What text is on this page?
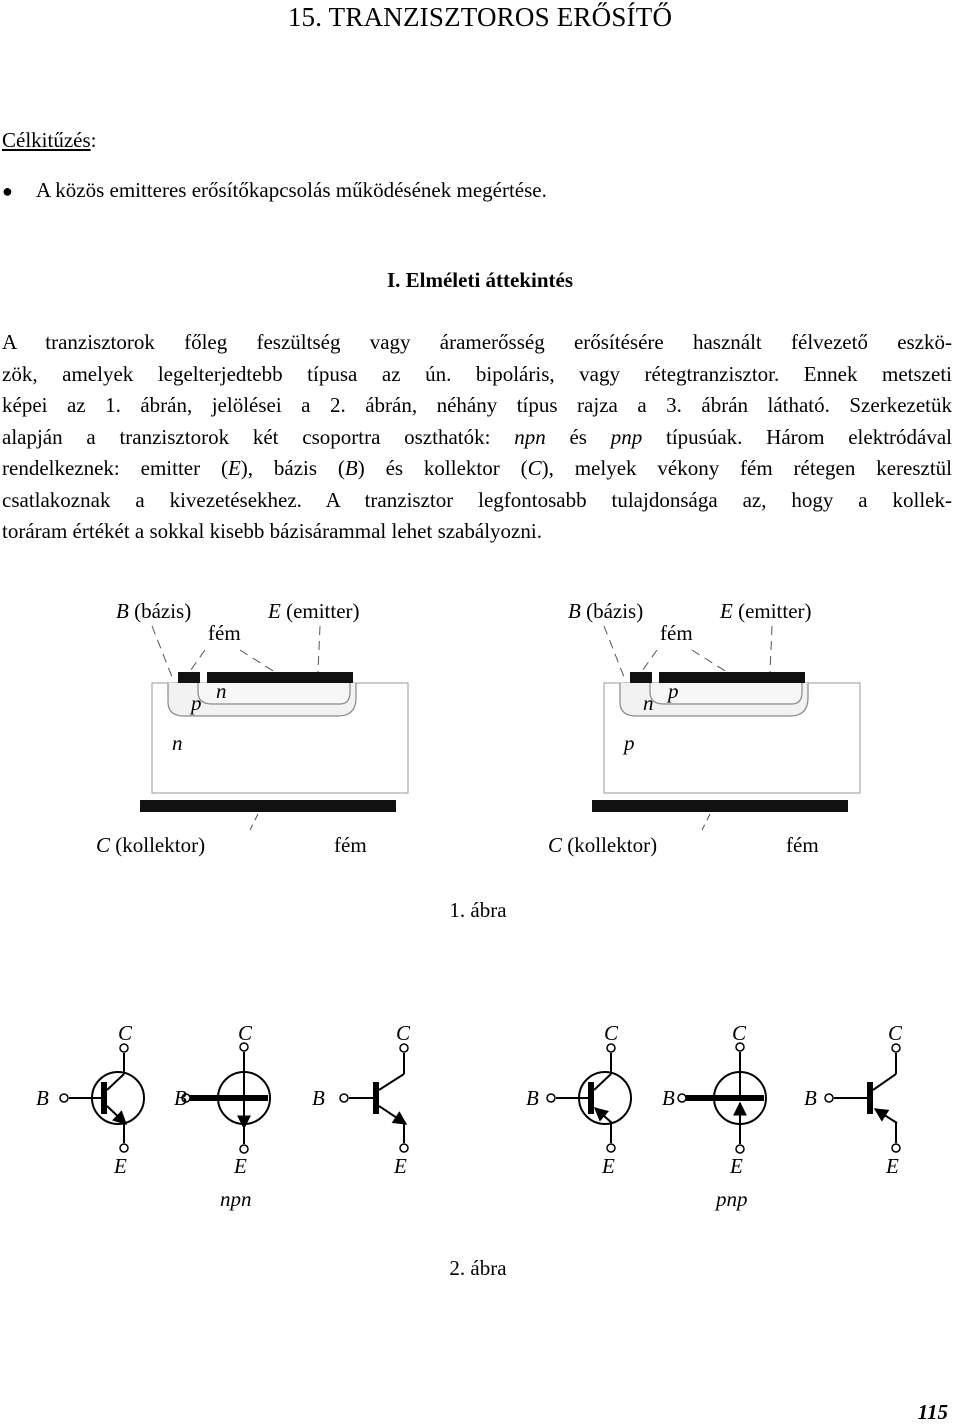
15. TRANZISZTOROS ERŐSÍTŐ
Célkitűzés:
●	A közös emitteres erősítőkapcsolás működésének megértése.
I. Elméleti áttekintés
A tranzisztorok főleg feszültség vagy áramerősség erősítésére használt félvezető eszkö-
zök, amelyek legelterjedtebb típusa az ún. bipoláris, vagy rétegtranzisztor. Ennek metszeti
képei az 1. ábrán, jelölései a 2. ábrán, néhány típus rajza a 3. ábrán látható. Szerkezetük
alapján a tranzisztorok két csoportra oszthatók: npn és pnp típusúak. Három elektródával
rendelkeznek: emitter (E), bázis (B) és kollektor (C), melyek vékony fém rétegen keresztül
csatlakoznak a kivezetésekhez. A tranzisztor legfontosabb tulajdonsága az, hogy a kollek-
toráram értékét a sokkal kisebb bázisárammal lehet szabályozni.
B (bázis)	E (emitter)
fém
n
p
n
C (kollektor)	fém
B (bázis)	E (emitter)
fém
p
n
p
C (kollektor)	fém
1. ábra
C
B
E
C
B
E
C
B
E
C
B
E
C
B
E
C
B
E
npn	pnp
2. ábra
115
